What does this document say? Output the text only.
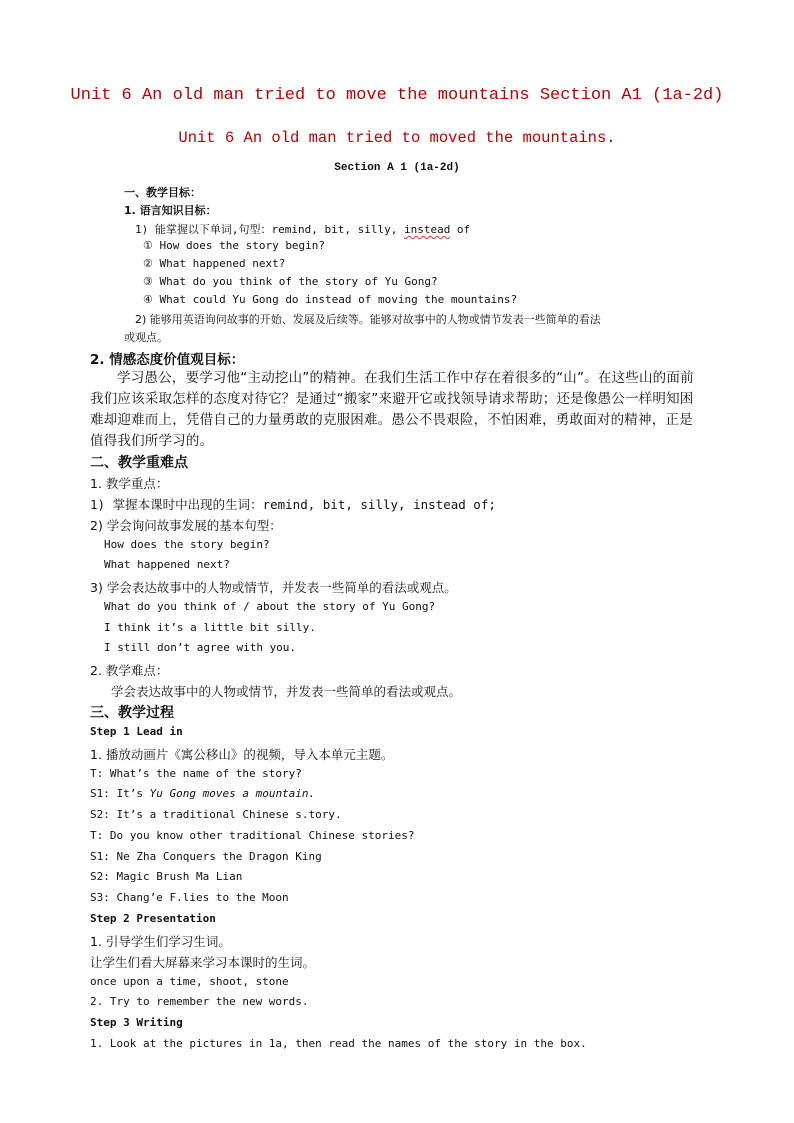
Unit 6 An old man tried to move the mountains Section A1 (1a-2d)
Unit 6 An old man tried to moved the mountains.
Section A 1 (1a-2d)
一、教学目标：
1. 语言知识目标：
1) 能掌握以下单词,句型：remind, bit, silly, instead of
① How does the story begin?
② What happened next?
③ What do you think of the story of Yu Gong?
④ What could Yu Gong do instead of moving the mountains?
2) 能够用英语询问故事的开始、发展及后续等。能够对故事中的人物或情节发表一些简单的看法
或观点。
2. 情感态度价值观目标：
学习愚公，要学习他“主动挖山”的精神。在我们生活工作中存在着很多的“山”。在这些山的面前我们应该采取怎样的态度对待它？是通过“搬家”来避开它或找领导请求帮助；还是像愚公一样明知困难却迎难而上，凭借自己的力量勇敢的克服困难。愚公不畏艰险，不怕困难，勇敢面对的精神，正是值得我们所学习的。
二、教学重难点
1. 教学重点：
1) 掌握本课时中出现的生词：remind, bit, silly, instead of;
2) 学会询问故事发展的基本句型：
How does the story begin?
What happened next?
3) 学会表达故事中的人物或情节，并发表一些简单的看法或观点。
What do you think of / about the story of Yu Gong?
I think it’s a little bit silly.
I still don’t agree with you.
2. 教学难点：
学会表达故事中的人物或情节，并发表一些简单的看法或观点。
三、教学过程
Step 1 Lead in
1. 播放动画片《寓公移山》的视频，导入本单元主题。
T: What’s the name of the story?
S1: It’s Yu Gong moves a mountain.
S2: It’s a traditional Chinese s.tory.
T: Do you know other traditional Chinese stories?
S1: Ne Zha Conquers the Dragon King
S2: Magic Brush Ma Lian
S3: Chang’e F.lies to the Moon
Step 2 Presentation
1. 引导学生们学习生词。
让学生们看大屏幕来学习本课时的生词。
once upon a time, shoot, stone
2. Try to remember the new words.
Step 3 Writing
1. Look at the pictures in 1a, then read the names of the story in the box.
